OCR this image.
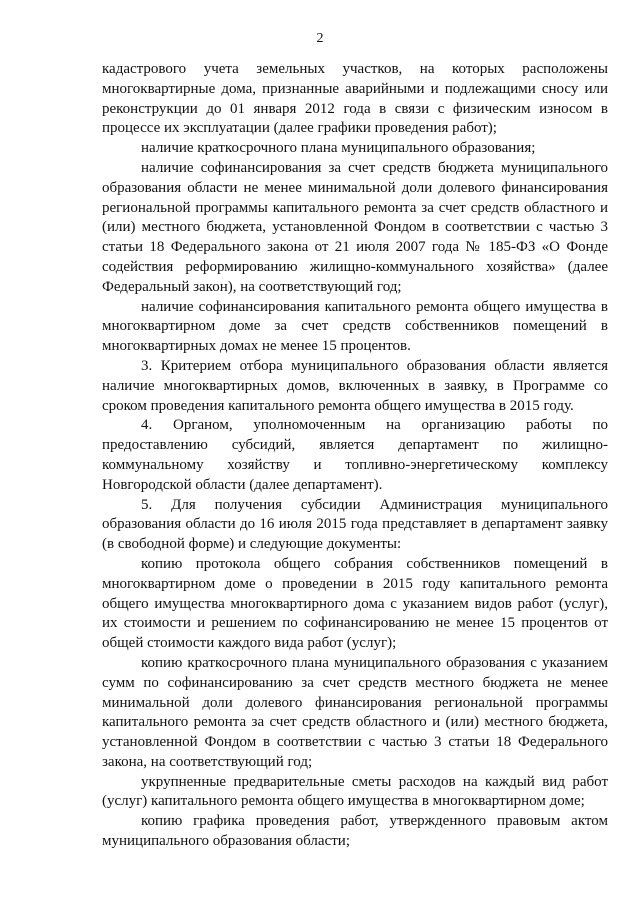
2

кадастрового учета земельных участков, на которых расположены многоквартирные дома, признанные аварийными и подлежащими сносу или реконструкции до 01 января 2012 года в связи с физическим износом в процессе их эксплуатации (далее графики проведения работ);

наличие краткосрочного плана муниципального образования;

наличие софинансирования за счет средств бюджета муниципального образования области не менее минимальной доли долевого финансирования региональной программы капитального ремонта за счет средств областного и (или) местного бюджета, установленной Фондом в соответствии с частью 3 статьи 18 Федерального закона от 21 июля 2007 года № 185-ФЗ «О Фонде содействия реформированию жилищно-коммунального хозяйства» (далее Федеральный закон), на соответствующий год;

наличие софинансирования капитального ремонта общего имущества в многоквартирном доме за счет средств собственников помещений в многоквартирных домах не менее 15 процентов.

3. Критерием отбора муниципального образования области является наличие многоквартирных домов, включенных в заявку, в Программе со сроком проведения капитального ремонта общего имущества в 2015 году.

4. Органом, уполномоченным на организацию работы по предоставлению субсидий, является департамент по жилищно-коммунальному хозяйству и топливно-энергетическому комплексу Новгородской области (далее департамент).

5. Для получения субсидии Администрация муниципального образования области до 16 июля 2015 года представляет в департамент заявку (в свободной форме) и следующие документы:

копию протокола общего собрания собственников помещений в многоквартирном доме о проведении в 2015 году капитального ремонта общего имущества многоквартирного дома с указанием видов работ (услуг), их стоимости и решением по софинансированию не менее 15 процентов от общей стоимости каждого вида работ (услуг);

копию краткосрочного плана муниципального образования с указанием сумм по софинансированию за счет средств местного бюджета не менее минимальной доли долевого финансирования региональной программы капитального ремонта за счет средств областного и (или) местного бюджета, установленной Фондом в соответствии с частью 3 статьи 18 Федерального закона, на соответствующий год;

укрупненные предварительные сметы расходов на каждый вид работ (услуг) капитального ремонта общего имущества в многоквартирном доме;

копию графика проведения работ, утвержденного правовым актом муниципального образования области;
